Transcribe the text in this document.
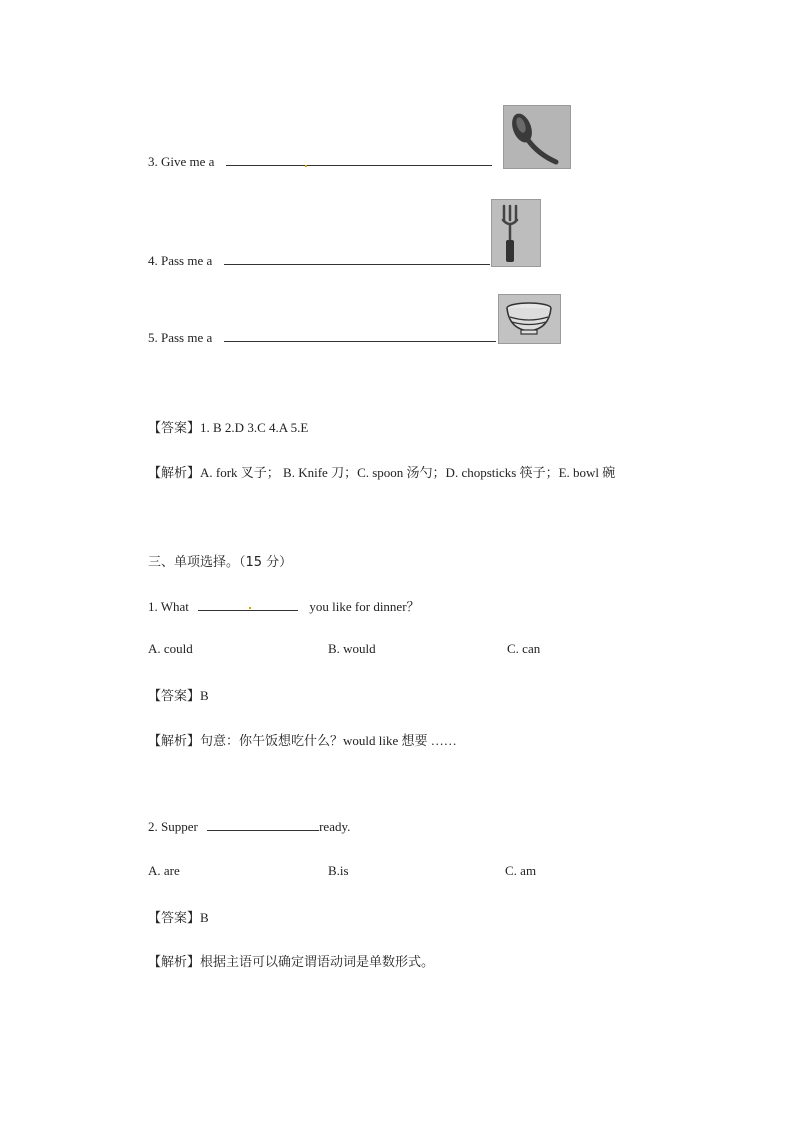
3. Give me a
4. Pass me a
5. Pass me a
【答案】1. B 2.D 3.C 4.A 5.E
【解析】A. fork 叉子； B. Knife 刀；C. spoon 汤勺；D. chopsticks 筷子；E. bowl 碗
三、单项选择。（15 分）
1. What	you like for dinner？
A. could	B. would	C. can
【答案】B
【解析】句意：你午饭想吃什么？would like 想要 ……
2. Supper	ready.
A. are	B.is	C. am
【答案】B
【解析】根据主语可以确定谓语动词是单数形式。
